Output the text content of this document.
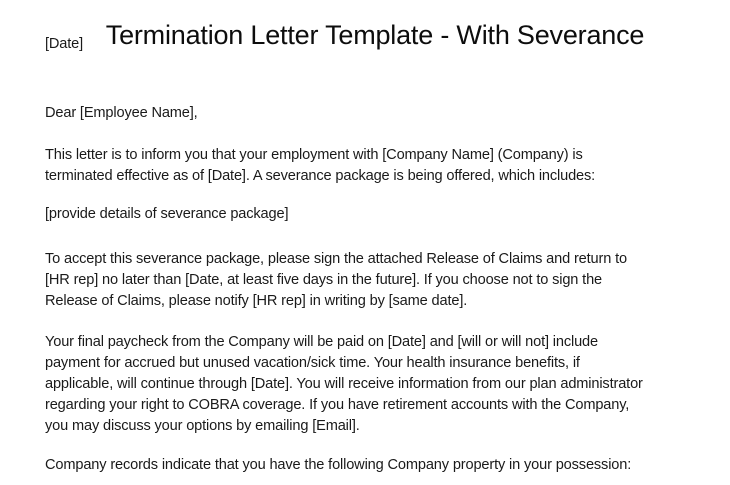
Termination Letter Template - With Severance
[Date]
Dear [Employee Name],
This letter is to inform you that your employment with [Company Name] (Company) is
terminated effective as of [Date]. A severance package is being offered, which includes:
[provide details of severance package]
To accept this severance package, please sign the attached Release of Claims and return to
[HR rep] no later than [Date, at least five days in the future]. If you choose not to sign the
Release of Claims, please notify [HR rep] in writing by [same date].
Your final paycheck from the Company will be paid on [Date] and [will or will not] include
payment for accrued but unused vacation/sick time. Your health insurance benefits, if
applicable, will continue through [Date]. You will receive information from our plan administrator
regarding your right to COBRA coverage. If you have retirement accounts with the Company,
you may discuss your options by emailing [Email].
Company records indicate that you have the following Company property in your possession:
